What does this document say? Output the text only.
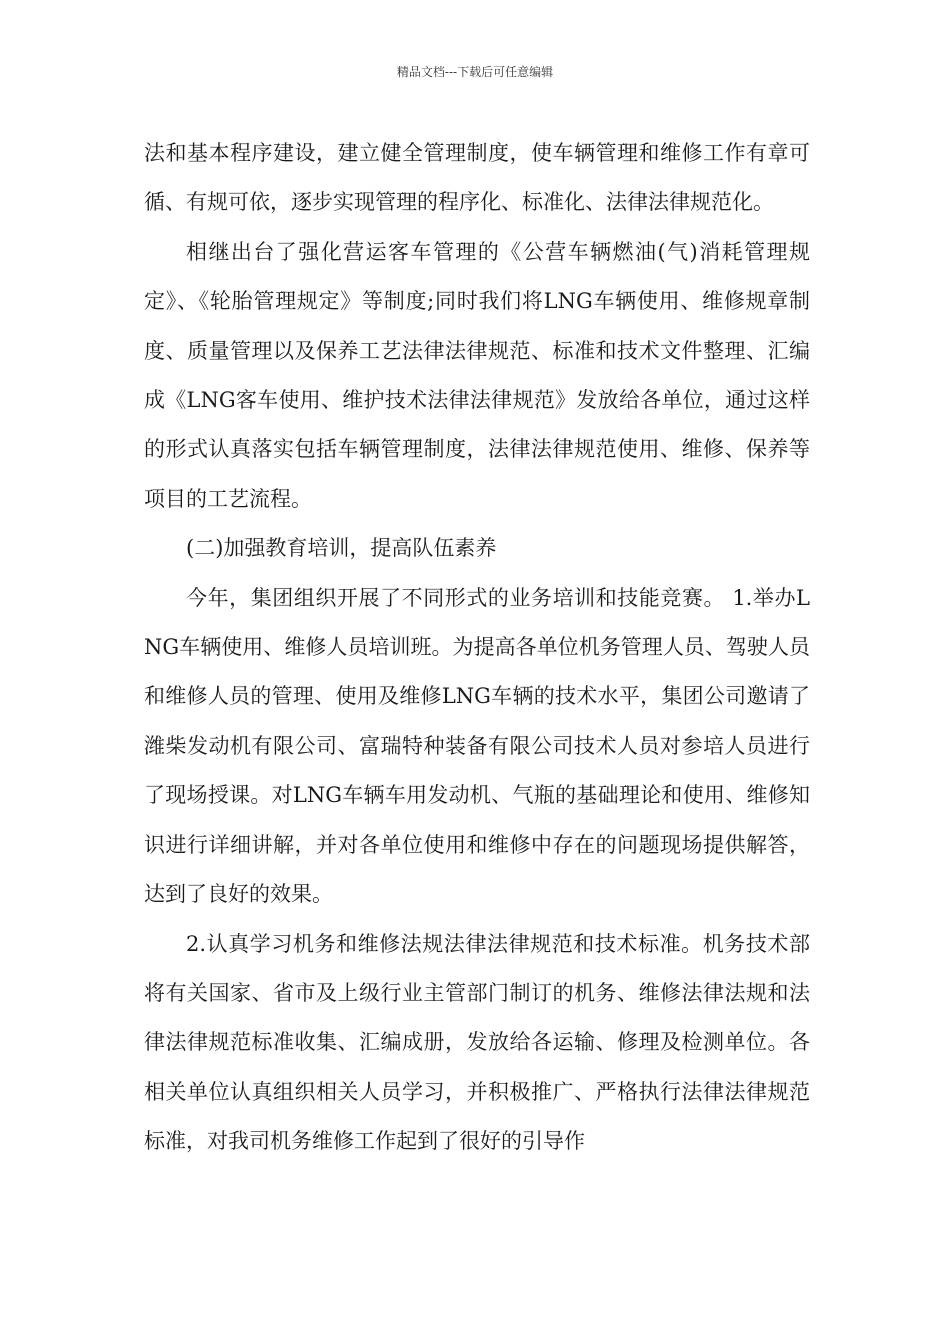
精品文档---下载后可任意编辑

法和基本程序建设，建立健全管理制度，使车辆管理和维修工作有章可循、有规可依，逐步实现管理的程序化、标准化、法律法律规范化。

相继出台了强化营运客车管理的《公营车辆燃油(气)消耗管理规定》、《轮胎管理规定》等制度;同时我们将LNG车辆使用、维修规章制度、质量管理以及保养工艺法律法律规范、标准和技术文件整理、汇编成《LNG客车使用、维护技术法律法律规范》发放给各单位，通过这样的形式认真落实包括车辆管理制度，法律法律规范使用、维修、保养等项目的工艺流程。

(二)加强教育培训，提高队伍素养

今年，集团组织开展了不同形式的业务培训和技能竞赛。 1.举办LNG车辆使用、维修人员培训班。为提高各单位机务管理人员、驾驶人员和维修人员的管理、使用及维修LNG车辆的技术水平，集团公司邀请了潍柴发动机有限公司、富瑞特种装备有限公司技术人员对参培人员进行了现场授课。对LNG车辆车用发动机、气瓶的基础理论和使用、维修知识进行详细讲解，并对各单位使用和维修中存在的问题现场提供解答，达到了良好的效果。

2.认真学习机务和维修法规法律法律规范和技术标准。机务技术部将有关国家、省市及上级行业主管部门制订的机务、维修法律法规和法律法律规范标准收集、汇编成册，发放给各运输、修理及检测单位。各相关单位认真组织相关人员学习，并积极推广、严格执行法律法律规范标准，对我司机务维修工作起到了很好的引导作
